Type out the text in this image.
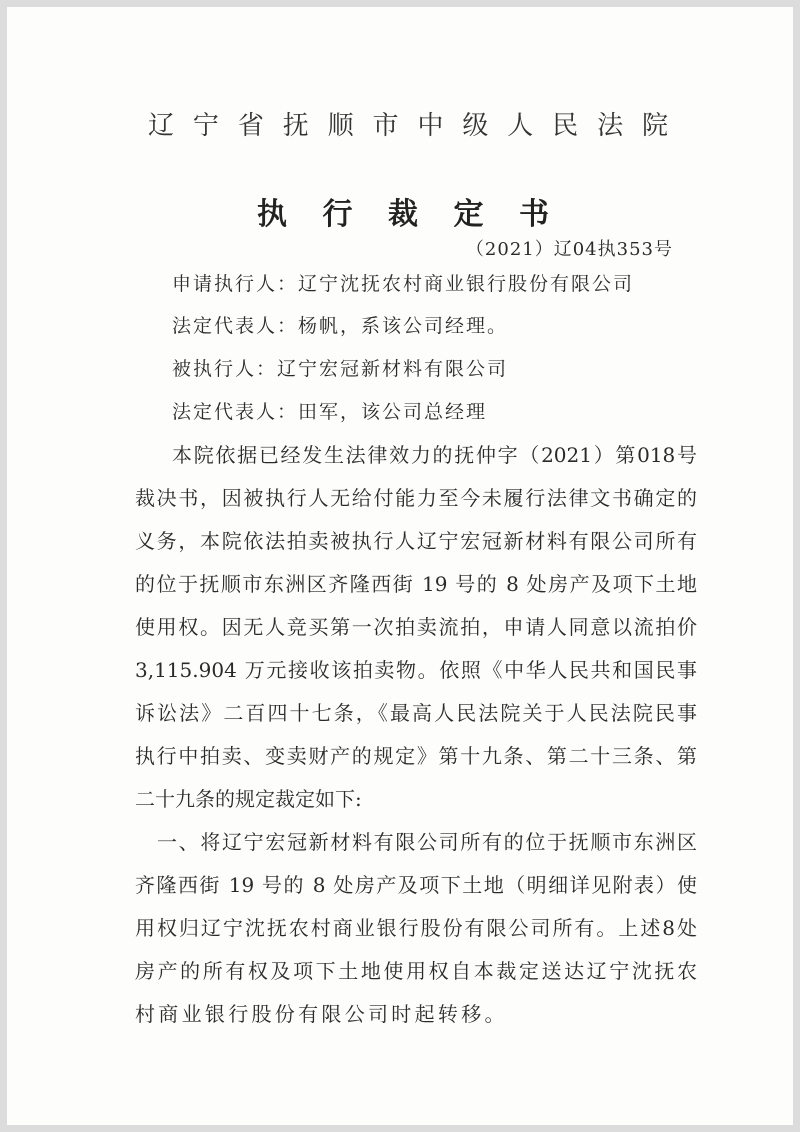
辽宁省抚顺市中级人民法院
执行裁定书
（2021）辽04执353号
申请执行人：辽宁沈抚农村商业银行股份有限公司
法定代表人：杨帆，系该公司经理。
被执行人：辽宁宏冠新材料有限公司
法定代表人：田军，该公司总经理
本院依据已经发生法律效力的抚仲字（2021）第018号
裁决书，因被执行人无给付能力至今未履行法律文书确定的
义务，本院依法拍卖被执行人辽宁宏冠新材料有限公司所有
的位于抚顺市东洲区齐隆西街 19 号的 8 处房产及项下土地
使用权。因无人竞买第一次拍卖流拍，申请人同意以流拍价
3,115.904 万元接收该拍卖物。依照《中华人民共和国民事
诉讼法》二百四十七条，《最高人民法院关于人民法院民事
执行中拍卖、变卖财产的规定》第十九条、第二十三条、第
二十九条的规定裁定如下:
一、将辽宁宏冠新材料有限公司所有的位于抚顺市东洲区
齐隆西街 19 号的 8 处房产及项下土地（明细详见附表）使
用权归辽宁沈抚农村商业银行股份有限公司所有。上述8处
房产的所有权及项下土地使用权自本裁定送达辽宁沈抚农
村商业银行股份有限公司时起转移。
